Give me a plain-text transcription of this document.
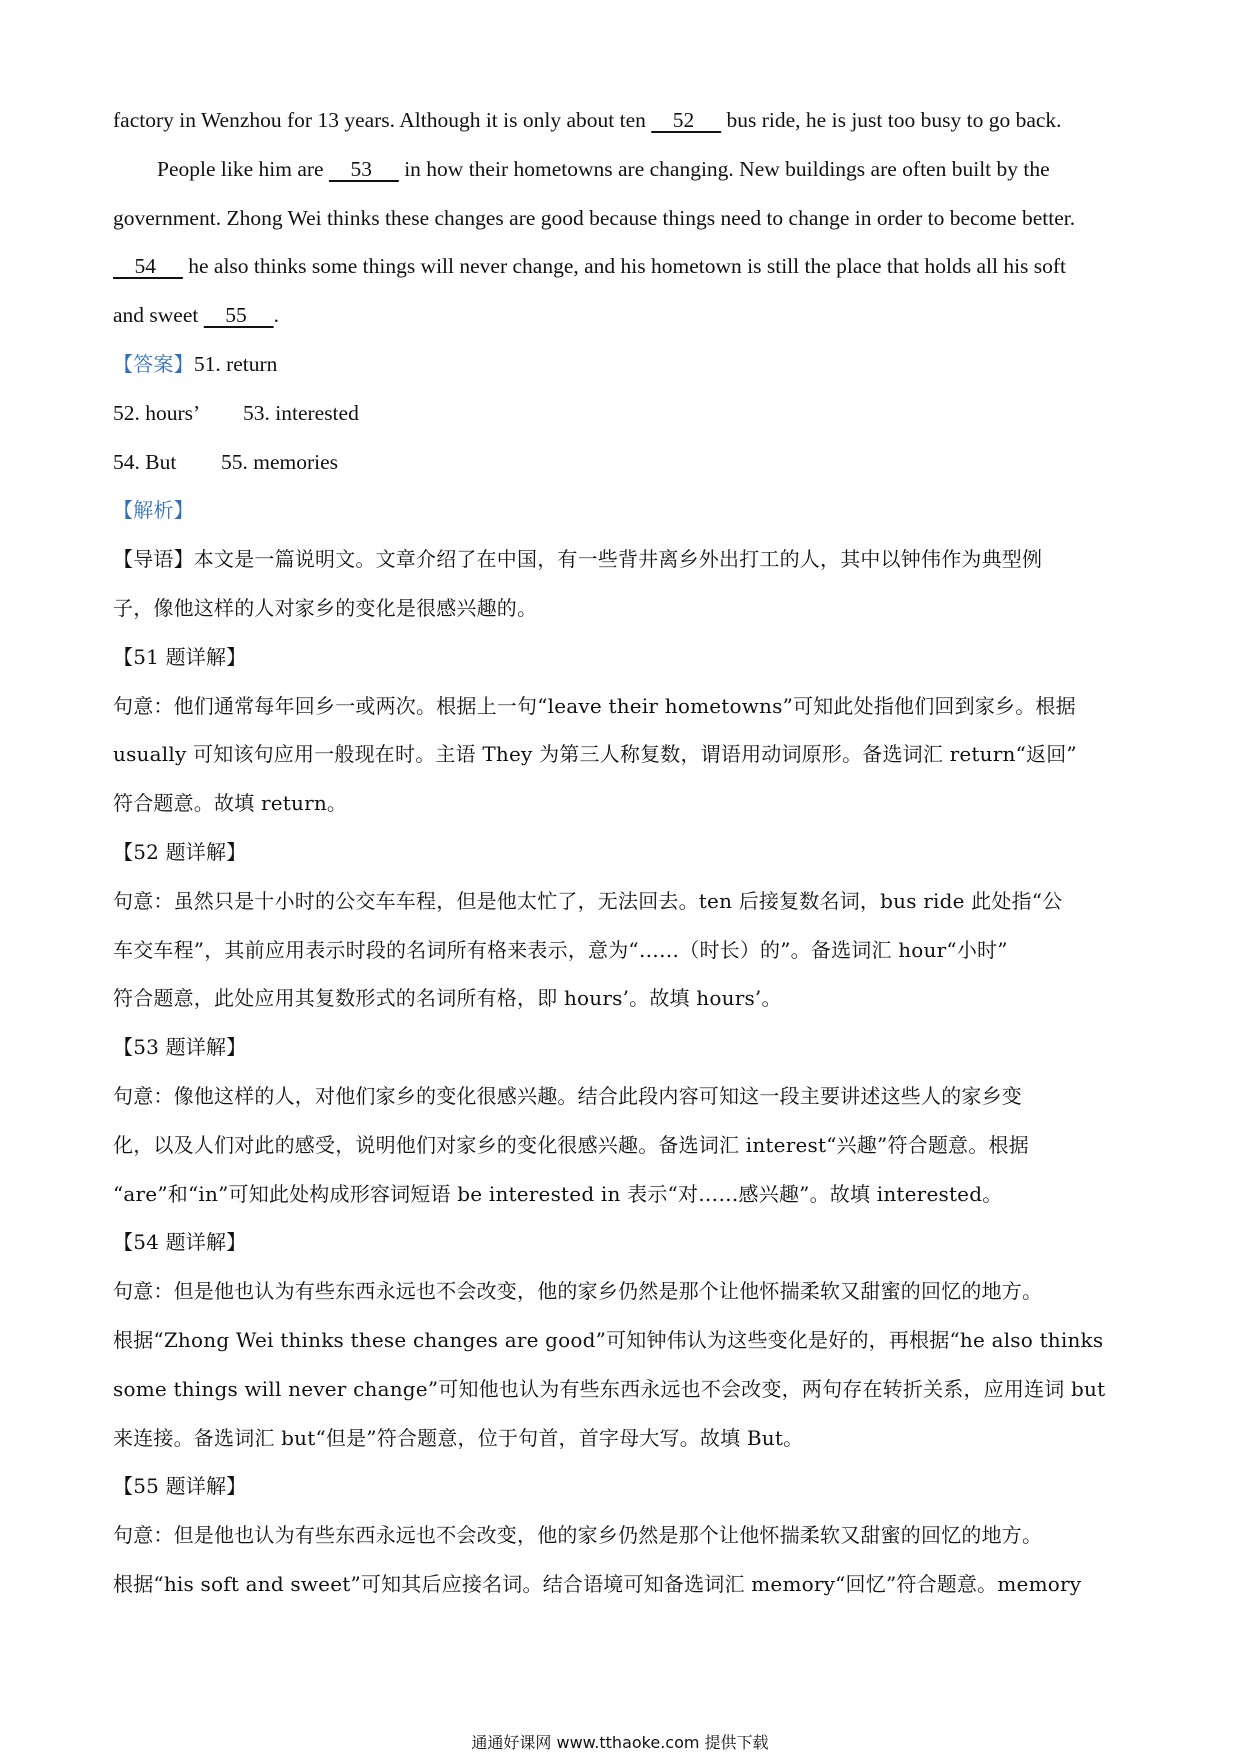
factory in Wenzhou for 13 years. Although it is only about ten     52      bus ride, he is just too busy to go back.
People like him are     53      in how their hometowns are changing. New buildings are often built by the
government. Zhong Wei thinks these changes are good because things need to change in order to become better.
54      he also thinks some things will never change, and his hometown is still the place that holds all his soft
and sweet     55     .
【答案】51. return
52. hours’	53. interested
54. But	55. memories
【解析】
【导语】本文是一篇说明文。文章介绍了在中国，有一些背井离乡外出打工的人，其中以钟伟作为典型例
子，像他这样的人对家乡的变化是很感兴趣的。
【51 题详解】
句意：他们通常每年回乡一或两次。根据上一句“leave their hometowns”可知此处指他们回到家乡。根据
usually 可知该句应用一般现在时。主语 They 为第三人称复数，谓语用动词原形。备选词汇 return“返回”
符合题意。故填 return。
【52 题详解】
句意：虽然只是十小时的公交车车程，但是他太忙了，无法回去。ten 后接复数名词，bus ride 此处指“公
车交车程”，其前应用表示时段的名词所有格来表示，意为“……（时长）的”。备选词汇 hour“小时”
符合题意，此处应用其复数形式的名词所有格，即 hours’。故填 hours’。
【53 题详解】
句意：像他这样的人，对他们家乡的变化很感兴趣。结合此段内容可知这一段主要讲述这些人的家乡变
化，以及人们对此的感受，说明他们对家乡的变化很感兴趣。备选词汇 interest“兴趣”符合题意。根据
“are”和“in”可知此处构成形容词短语 be interested in 表示“对……感兴趣”。故填 interested。
【54 题详解】
句意：但是他也认为有些东西永远也不会改变，他的家乡仍然是那个让他怀揣柔软又甜蜜的回忆的地方。
根据“Zhong Wei thinks these changes are good”可知钟伟认为这些变化是好的，再根据“he also thinks
some things will never change”可知他也认为有些东西永远也不会改变，两句存在转折关系，应用连词 but
来连接。备选词汇 but“但是”符合题意，位于句首，首字母大写。故填 But。
【55 题详解】
句意：但是他也认为有些东西永远也不会改变，他的家乡仍然是那个让他怀揣柔软又甜蜜的回忆的地方。
根据“his soft and sweet”可知其后应接名词。结合语境可知备选词汇 memory“回忆”符合题意。memory
通通好课网 www.tthaoke.com 提供下载
